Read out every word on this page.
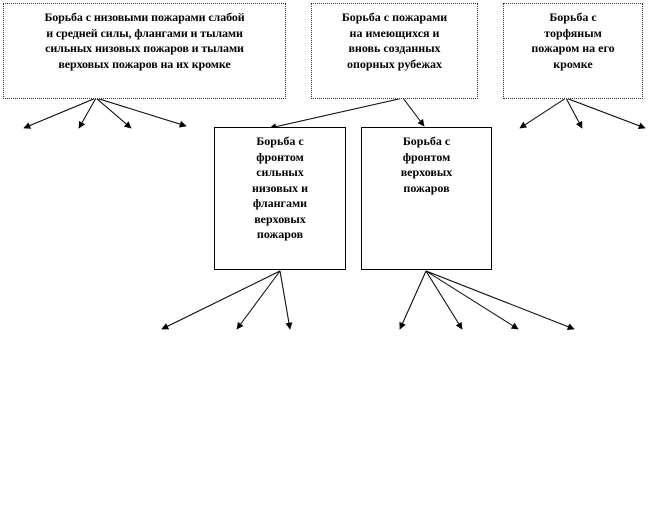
Борьба с низовыми пожарами слабой
и средней силы, флангами и тылами
сильных низовых пожаров и тылами
верховых пожаров на их кромке
Борьба с пожарами
на имеющихся и
вновь созданных
опорных рубежах
Борьба с
торфяным
пожаром на его
кромке
Борьба с
фронтом
сильных
низовых и
флангами
верховых
пожаров
Борьба с
фронтом
верховых
пожаров
